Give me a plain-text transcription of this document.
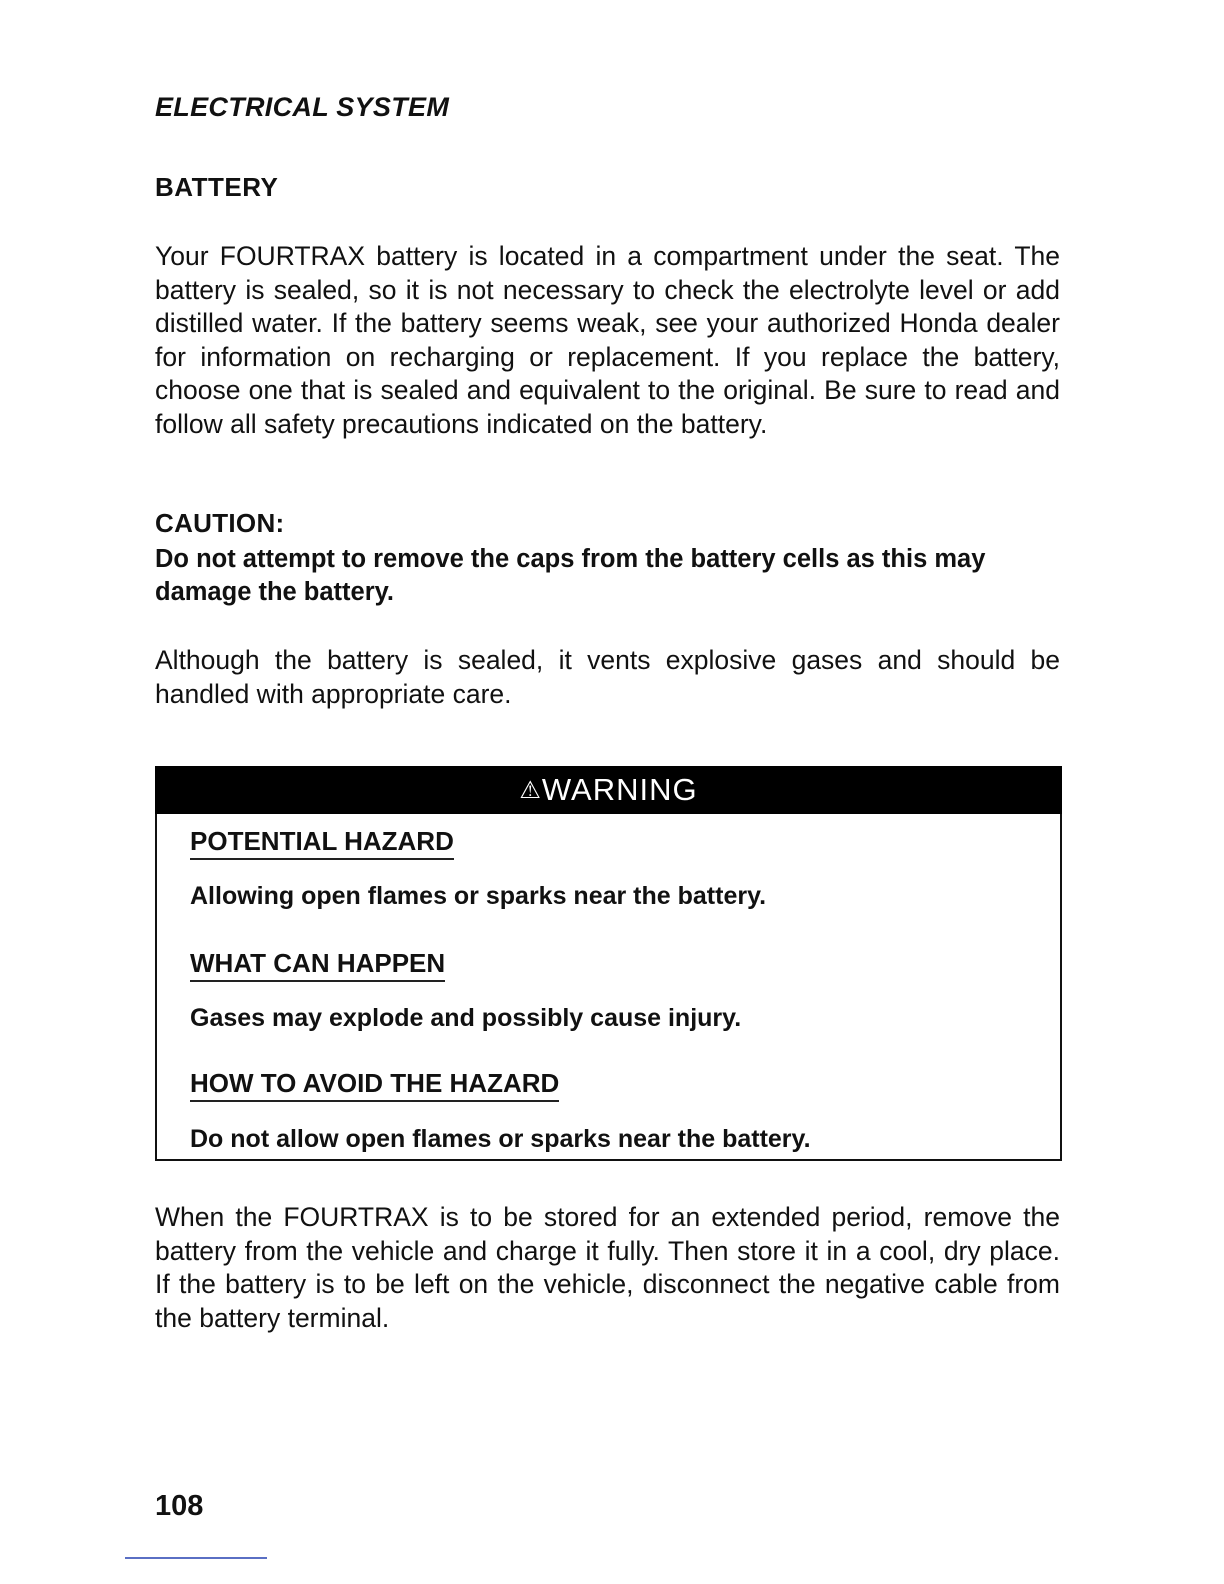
ELECTRICAL SYSTEM
BATTERY

Your FOURTRAX battery is located in a compartment under the seat. The battery is sealed, so it is not necessary to check the electrolyte level or add distilled water. If the battery seems weak, see your authorized Honda dealer for information on recharging or replacement. If you replace the battery, choose one that is sealed and equivalent to the original. Be sure to read and follow all safety precautions indicated on the battery.

CAUTION:

Do not attempt to remove the caps from the battery cells as this may damage the battery.

Although the battery is sealed, it vents explosive gases and should be handled with appropriate care.

⚠WARNING
POTENTIAL HAZARD
Allowing open flames or sparks near the battery.
WHAT CAN HAPPEN
Gases may explode and possibly cause injury.
HOW TO AVOID THE HAZARD
Do not allow open flames or sparks near the battery.

When the FOURTRAX is to be stored for an extended period, remove the battery from the vehicle and charge it fully. Then store it in a cool, dry place. If the battery is to be left on the vehicle, disconnect the negative cable from the battery terminal.

108
